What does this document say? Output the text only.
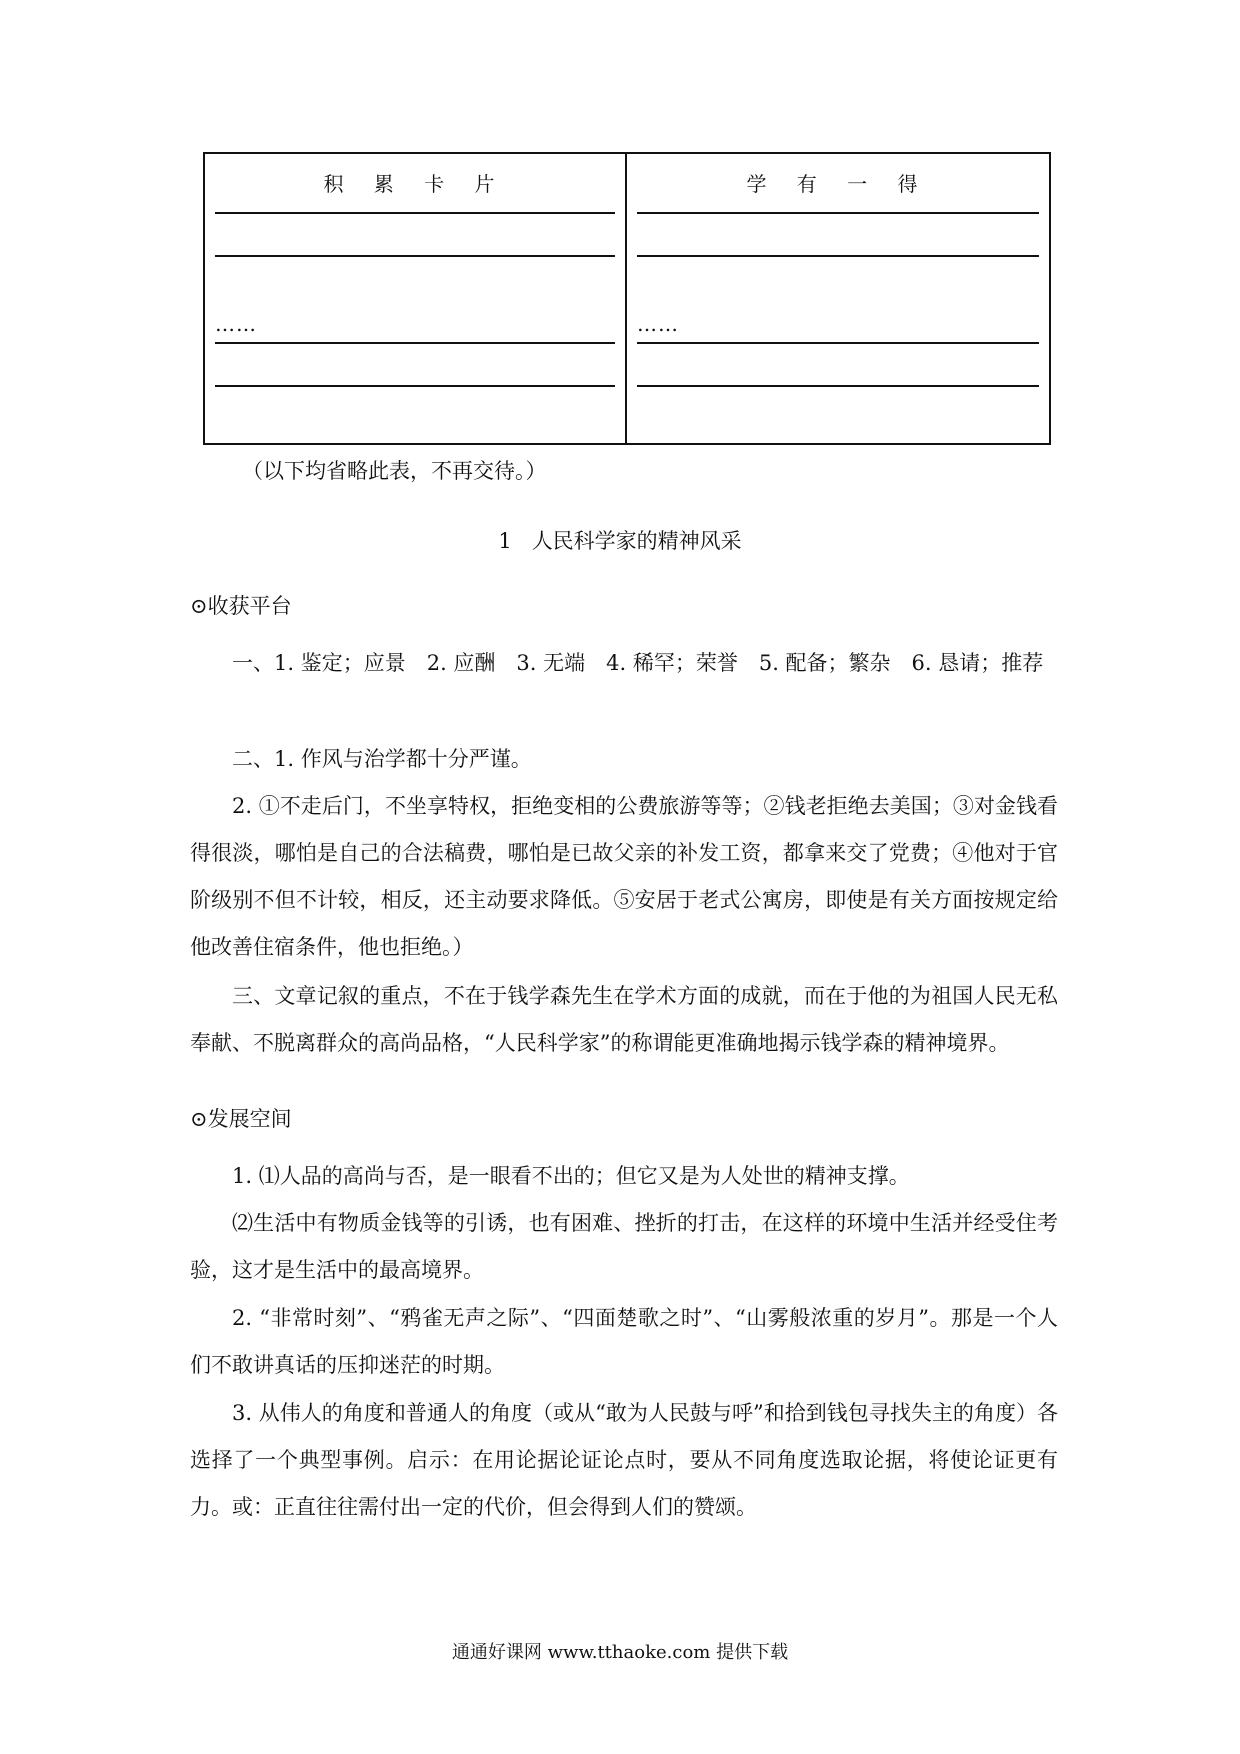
积 累 卡 片
……
学 有 一 得
……
（以下均省略此表，不再交待。）
1 人民科学家的精神风采
⊙收获平台
一、1. 鉴定；应景　2. 应酬　3. 无端　4. 稀罕；荣誉　5. 配备；繁杂　6. 恳请；推荐
二、1. 作风与治学都十分严谨。
2. ①不走后门，不坐享特权，拒绝变相的公费旅游等等；②钱老拒绝去美国；③对金钱看得很淡，哪怕是自己的合法稿费，哪怕是已故父亲的补发工资，都拿来交了党费；④他对于官阶级别不但不计较，相反，还主动要求降低。⑤安居于老式公寓房，即使是有关方面按规定给他改善住宿条件，他也拒绝。）
三、文章记叙的重点，不在于钱学森先生在学术方面的成就，而在于他的为祖国人民无私奉献、不脱离群众的高尚品格，“人民科学家”的称谓能更准确地揭示钱学森的精神境界。
⊙发展空间
1. ⑴人品的高尚与否，是一眼看不出的；但它又是为人处世的精神支撑。
⑵生活中有物质金钱等的引诱，也有困难、挫折的打击，在这样的环境中生活并经受住考验，这才是生活中的最高境界。
2. “非常时刻”、“鸦雀无声之际”、“四面楚歌之时”、“山雾般浓重的岁月”。那是一个人们不敢讲真话的压抑迷茫的时期。
3. 从伟人的角度和普通人的角度（或从“敢为人民鼓与呼”和拾到钱包寻找失主的角度）各选择了一个典型事例。启示：在用论据论证论点时，要从不同角度选取论据，将使论证更有力。或：正直往往需付出一定的代价，但会得到人们的赞颂。
通通好课网 www.tthaoke.com 提供下载
